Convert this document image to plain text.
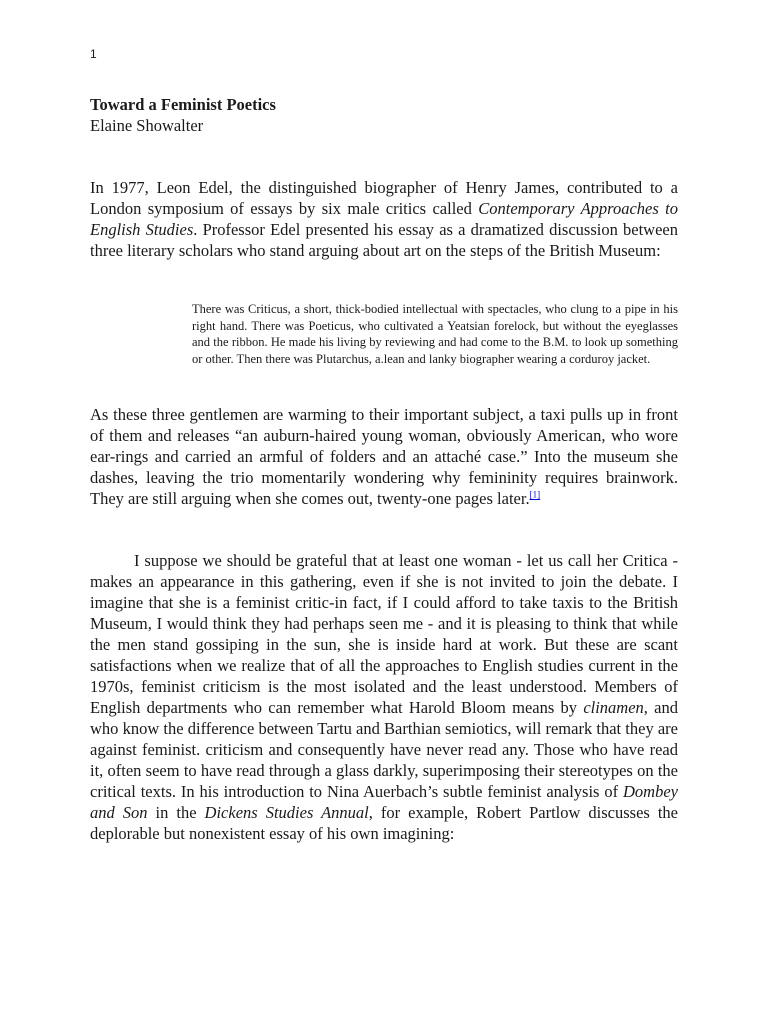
1
Toward a Feminist Poetics
Elaine Showalter
In 1977, Leon Edel, the distinguished biographer of Henry James, contributed to a London symposium of essays by six male critics called Contemporary Approaches to English Studies. Professor Edel presented his essay as a dramatized discussion between three literary scholars who stand arguing about art on the steps of the British Museum:
There was Criticus, a short, thick-bodied intellectual with spectacles, who clung to a pipe in his right hand. There was Poeticus, who cultivated a Yeatsian forelock, but without the eyeglasses and the ribbon. He made his living by reviewing and had come to the B.M. to look up something or other. Then there was Plutarchus, a.lean and lanky biographer wearing a corduroy jacket.
As these three gentlemen are warming to their important subject, a taxi pulls up in front of them and releases “an auburn-haired young woman, obviously American, who wore ear-rings and carried an armful of folders and an attaché case.” Into the museum she dashes, leaving the trio momentarily wondering why femininity requires brainwork. They are still arguing when she comes out, twenty-one pages later.[1]
I suppose we should be grateful that at least one woman - let us call her Critica - makes an appearance in this gathering, even if she is not invited to join the debate. I imagine that she is a feminist critic-in fact, if I could afford to take taxis to the British Museum, I would think they had perhaps seen me - and it is pleasing to think that while the men stand gossiping in the sun, she is inside hard at work. But these are scant satisfactions when we realize that of all the approaches to English studies current in the 1970s, feminist criticism is the most isolated and the least understood. Members of English departments who can remember what Harold Bloom means by clinamen, and who know the difference between Tartu and Barthian semiotics, will remark that they are against feminist. criticism and consequently have never read any. Those who have read it, often seem to have read through a glass darkly, superimposing their stereotypes on the critical texts. In his introduction to Nina Auerbach’s subtle feminist analysis of Dombey and Son in the Dickens Studies Annual, for example, Robert Partlow discusses the deplorable but nonexistent essay of his own imagining:
